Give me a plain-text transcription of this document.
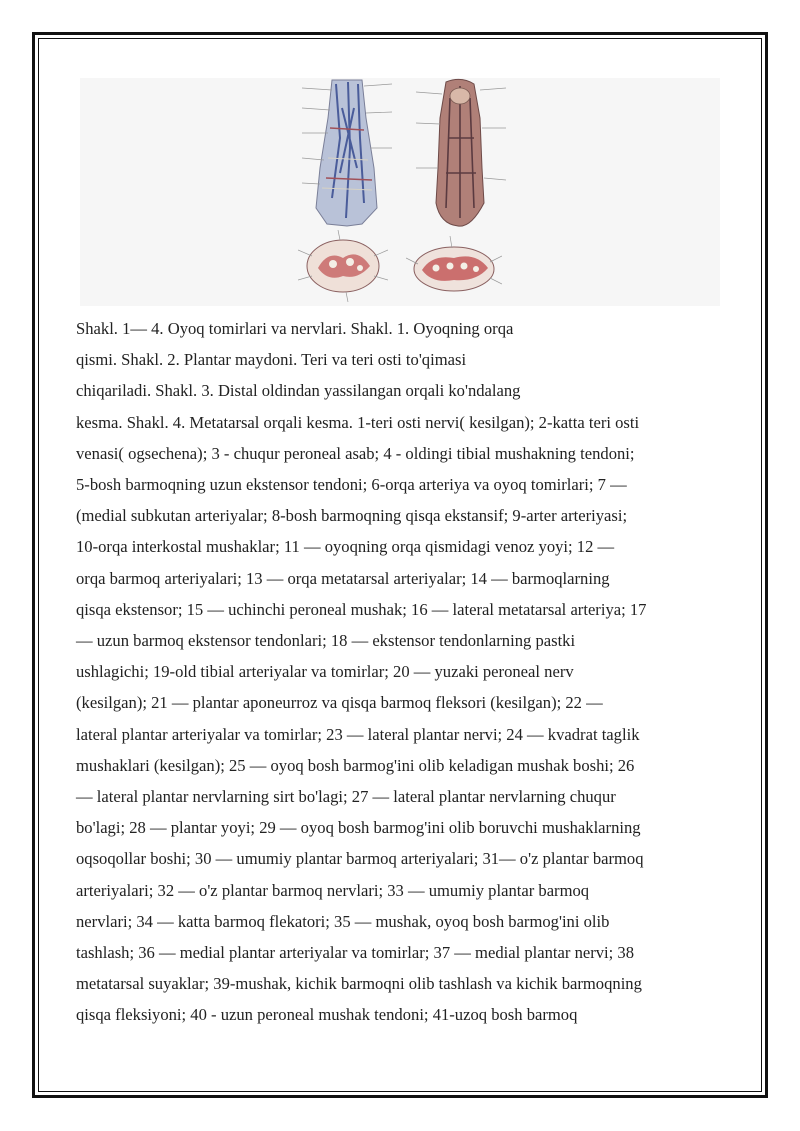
Shakl. 1— 4. Oyoq tomirlari va nervlari. Shakl. 1. Oyoqning orqa
qismi. Shakl. 2. Plantar maydoni. Teri va teri osti to'qimasi
chiqariladi. Shakl. 3. Distal oldindan yassilangan orqali ko'ndalang
kesma. Shakl. 4. Metatarsal orqali kesma. 1-teri osti nervi( kesilgan); 2-katta teri osti
venasi( ogsechena); 3 - chuqur peroneal asab; 4 - oldingi tibial mushakning tendoni;
5-bosh barmoqning uzun ekstensor tendoni; 6-orqa arteriya va oyoq tomirlari; 7 —
(medial subkutan arteriyalar; 8-bosh barmoqning qisqa ekstansif; 9-arter arteriyasi;
10-orqa interkostal mushaklar; 11 — oyoqning orqa qismidagi venoz yoyi; 12 —
orqa barmoq arteriyalari; 13 — orqa metatarsal arteriyalar; 14 — barmoqlarning
qisqa ekstensor; 15 — uchinchi peroneal mushak; 16 — lateral metatarsal arteriya; 17
— uzun barmoq ekstensor tendonlari; 18 — ekstensor tendonlarning pastki
ushlagichi; 19-old tibial arteriyalar va tomirlar; 20 — yuzaki peroneal nerv
(kesilgan); 21 — plantar aponeurroz va qisqa barmoq fleksori (kesilgan); 22 —
lateral plantar arteriyalar va tomirlar; 23 — lateral plantar nervi; 24 — kvadrat taglik
mushaklari (kesilgan); 25 — oyoq bosh barmog'ini olib keladigan mushak boshi; 26
— lateral plantar nervlarning sirt bo'lagi; 27 — lateral plantar nervlarning chuqur
bo'lagi; 28 — plantar yoyi; 29 — oyoq bosh barmog'ini olib boruvchi mushaklarning
oqsoqollar boshi; 30 — umumiy plantar barmoq arteriyalari; 31— o'z plantar barmoq
arteriyalari; 32 — o'z plantar barmoq nervlari; 33 — umumiy plantar barmoq
nervlari; 34 — katta barmoq flekatori; 35 — mushak, oyoq bosh barmog'ini olib
tashlash; 36 — medial plantar arteriyalar va tomirlar; 37 — medial plantar nervi; 38
metatarsal suyaklar; 39-mushak, kichik barmoqni olib tashlash va kichik barmoqning
qisqa fleksiyoni; 40 - uzun peroneal mushak tendoni; 41-uzoq bosh barmoq
